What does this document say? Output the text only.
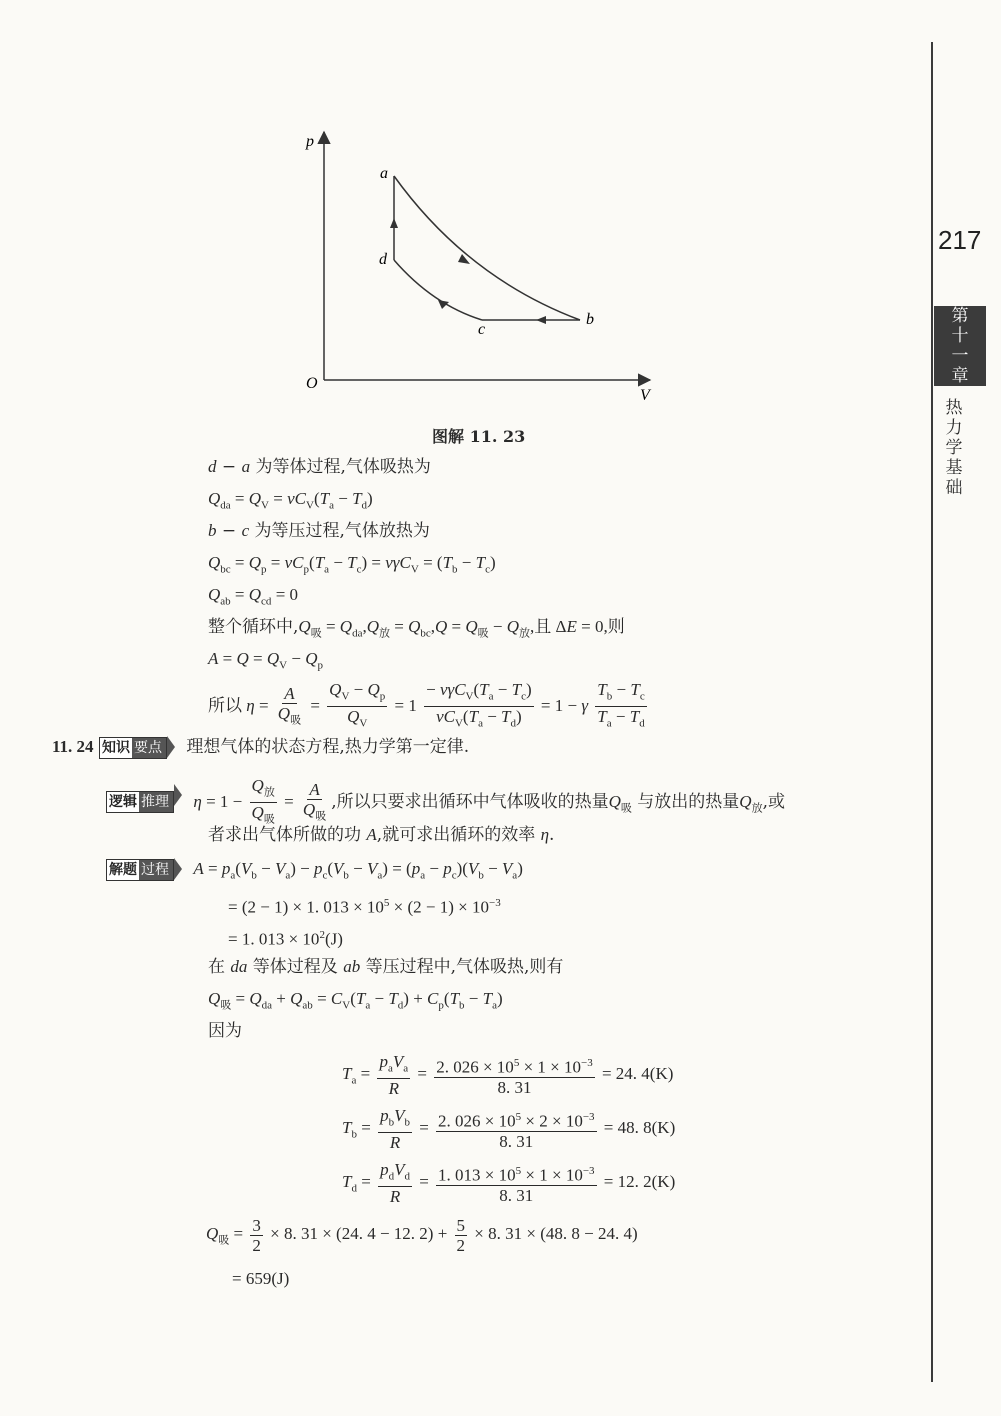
217
第
十
一
章
热
力
学
基
础
p
V
O
a
b
c
d
图解 11. 23
d − a 为等体过程,气体吸热为
$Q_{da} = Q_V = \nu C_V(T_a - T_d)$
b − c 为等压过程,气体放热为
$Q_{bc} = Q_p = \nu C_p(T_a - T_c) = \nu\gamma C_V = (T_b - T_c)$
$Q_{ab} = Q_{cd} = 0$
整个循环中$,Q_吸 = Q_{da},Q_放 = Q_{bc},Q = Q_吸 - Q_放$,且 ΔE = 0,则
$A = Q = Q_V - Q_p$
所以 $\eta = \frac{A}{Q_吸} = \frac{Q_V - Q_p}{Q_V} = 1 \frac{- \nu\gamma C_V(T_a - T_c)}{\nu C_V(T_a - T_d)} = 1 - \gamma \frac{T_b - T_c}{T_a - T_d}$
11. 24 知识 要点 理想气体的状态方程,热力学第一定律.
逻辑 推理 $\eta = 1 - \frac{Q_放}{Q_吸} = \frac{A}{Q_吸}$ ,所以只要求出循环中气体吸收的热量$Q_吸$ 与放出的热量$Q_放$,或
者求出气体所做的功 A,就可求出循环的效率 η.
解题 过程 $A = p_a(V_b - V_a) - p_c(V_b - V_a) = (p_a - p_c)(V_b - V_a)$
= (2 − 1) × 1. $013 \times 10^5 \times (2 - 1) \times 10^{-3}$
= 1. $013 \times 10^2(J)$
在 da 等体过程及 ab 等压过程中,气体吸热,则有
$Q_吸 = Q_{da} + Q_{ab} = C_V(T_a - T_d) + C_p(T_b - T_a)$
因为
$T_a = \frac{p_aV_a}{R} = \frac{2. 026 \times 10^5 \times 1 \times 10^{-3}}{8. 31} = 24$. 4(K)
$T_b = \frac{p_bV_b}{R} = \frac{2. 026 \times 10^5 \times 2 \times 10^{-3}}{8. 31} = 48$. 8(K)
$T_d = \frac{p_dV_d}{R} = \frac{1. 013 \times 10^5 \times 1 \times 10^{-3}}{8. 31} = 12$. 2(K)
$Q_吸 = \frac{3}{2} \times 8$. 31 × (24. 4 − 12. $2) + \frac{5}{2} \times 8$. 31 × (48. 8 − 24. 4)
= 659(J)
